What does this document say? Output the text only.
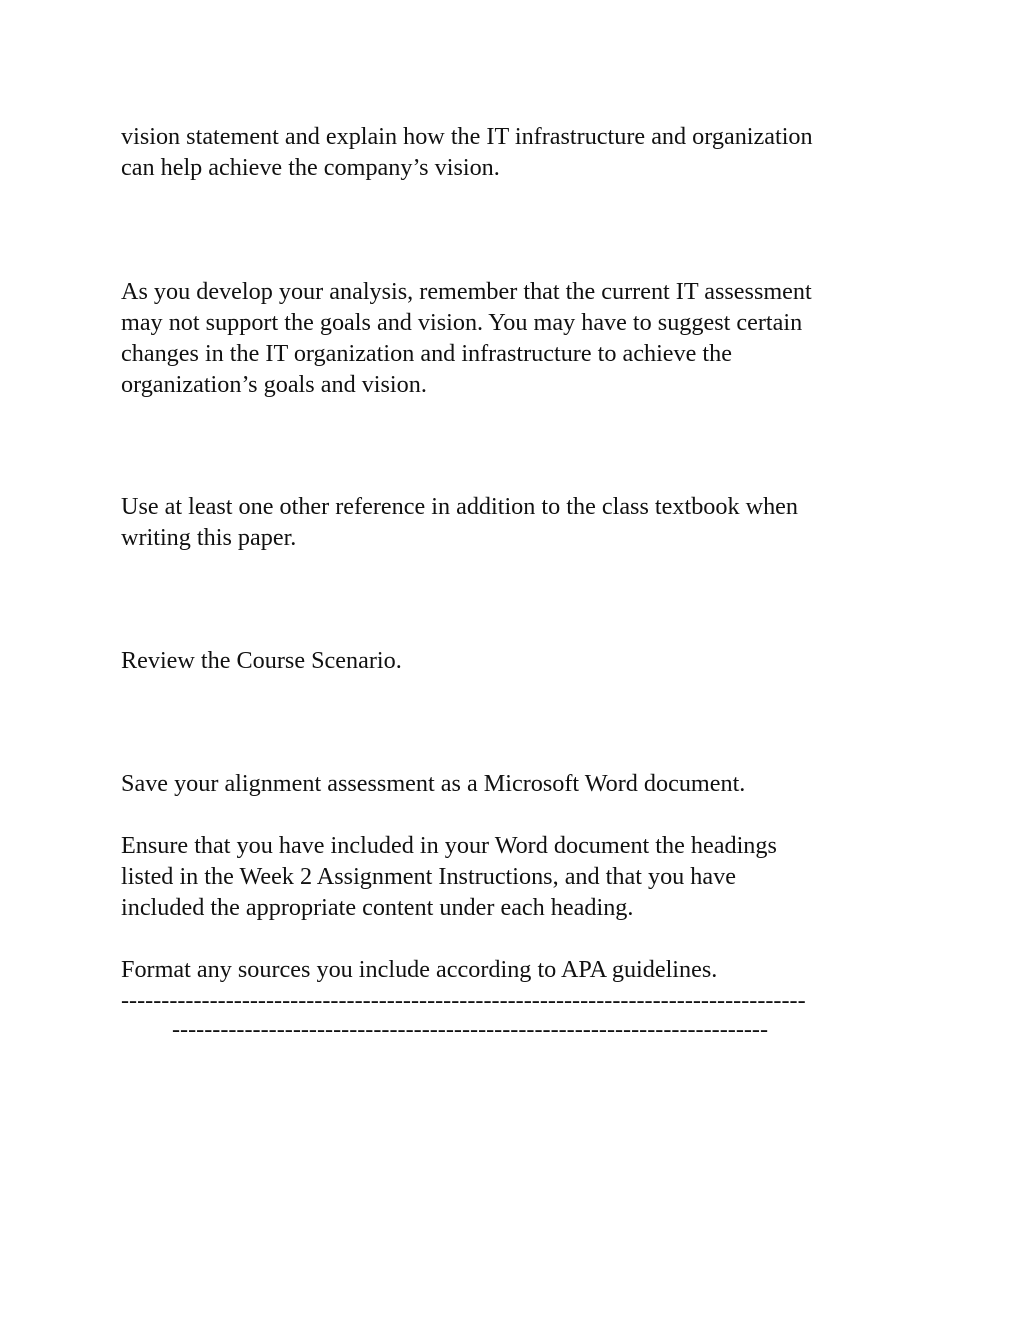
vision statement and explain how the IT infrastructure and organization
can help achieve the company’s vision.

As you develop your analysis, remember that the current IT assessment
may not support the goals and vision. You may have to suggest certain
changes in the IT organization and infrastructure to achieve the
organization’s goals and vision.

Use at least one other reference in addition to the class textbook when
writing this paper.

Review the Course Scenario.

Save your alignment assessment as a Microsoft Word document.

Ensure that you have included in your Word document the headings
listed in the Week 2 Assignment Instructions, and that you have
included the appropriate content under each heading.

Format any sources you include according to APA guidelines.

-------------------------------------------------------------------------------------

--------------------------------------------------------------------------
